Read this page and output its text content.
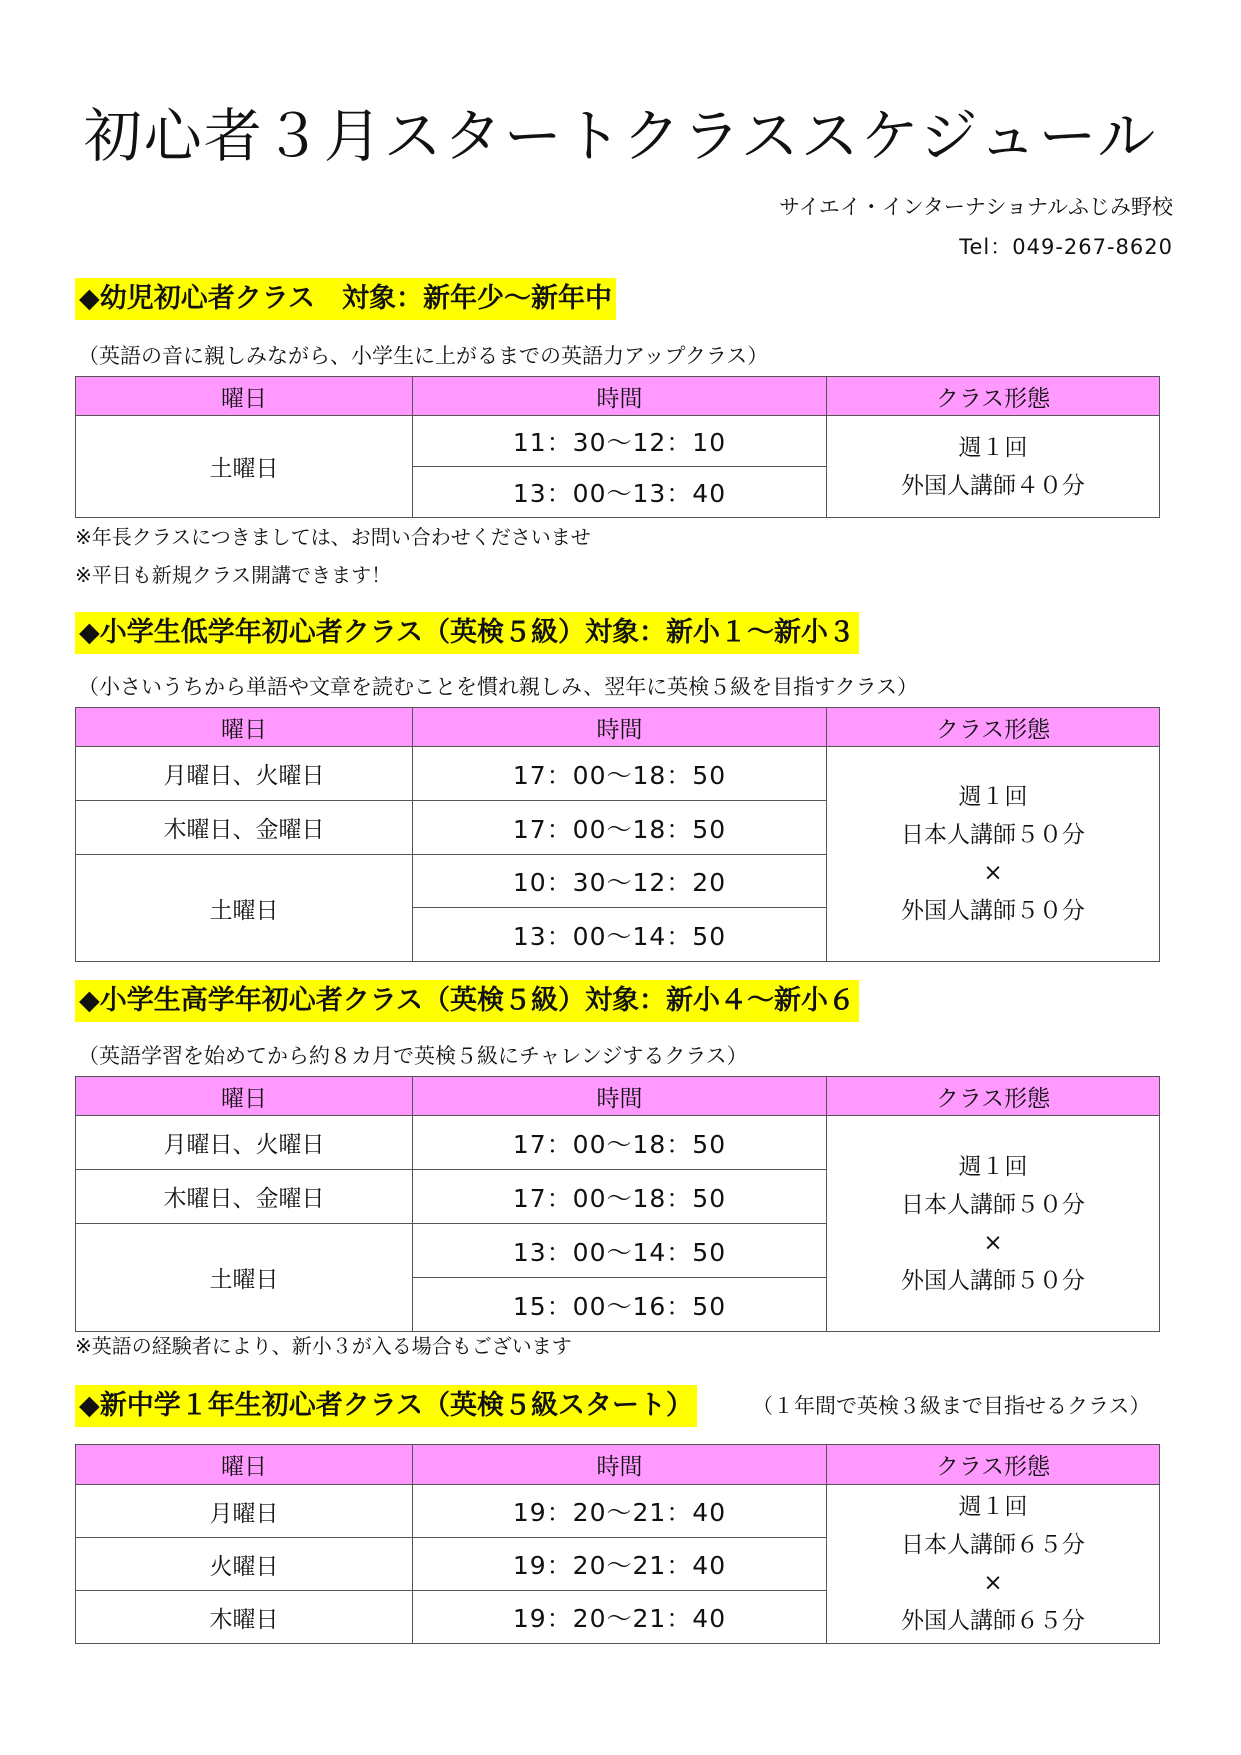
初心者３月スタートクラススケジュール
サイエイ・インターナショナルふじみ野校
Tel：049-267-8620
◆幼児初心者クラス　対象：新年少～新年中
（英語の音に親しみながら、小学生に上がるまでの英語力アップクラス）
曜日	時間	クラス形態
土曜日	11：30～12：10	週１回
外国人講師４０分

	13：00～13：40	
※年長クラスにつきましては、お問い合わせくださいませ
※平日も新規クラス開講できます！
◆小学生低学年初心者クラス（英検５級）対象：新小１～新小３
（小さいうちから単語や文章を読むことを慣れ親しみ、翌年に英検５級を目指すクラス）
曜日	時間	クラス形態
月曜日、火曜日	17：00～18：50	週１回
日本人講師５０分
×
外国人講師５０分

木曜日、金曜日	17：00～18：50	
土曜日	10：30～12：20	
	13：00～14：50	
◆小学生高学年初心者クラス（英検５級）対象：新小４～新小６
（英語学習を始めてから約８カ月で英検５級にチャレンジするクラス）
曜日	時間	クラス形態
月曜日、火曜日	17：00～18：50	週１回
日本人講師５０分
×
外国人講師５０分

木曜日、金曜日	17：00～18：50	
土曜日	13：00～14：50	
	15：00～16：50	
※英語の経験者により、新小３が入る場合もございます
◆新中学１年生初心者クラス（英検５級スタート）	（１年間で英検３級まで目指せるクラス）
曜日	時間	クラス形態
月曜日	19：20～21：40	週１回
日本人講師６５分
×
外国人講師６５分

火曜日	19：20～21：40	
木曜日	19：20～21：40	
